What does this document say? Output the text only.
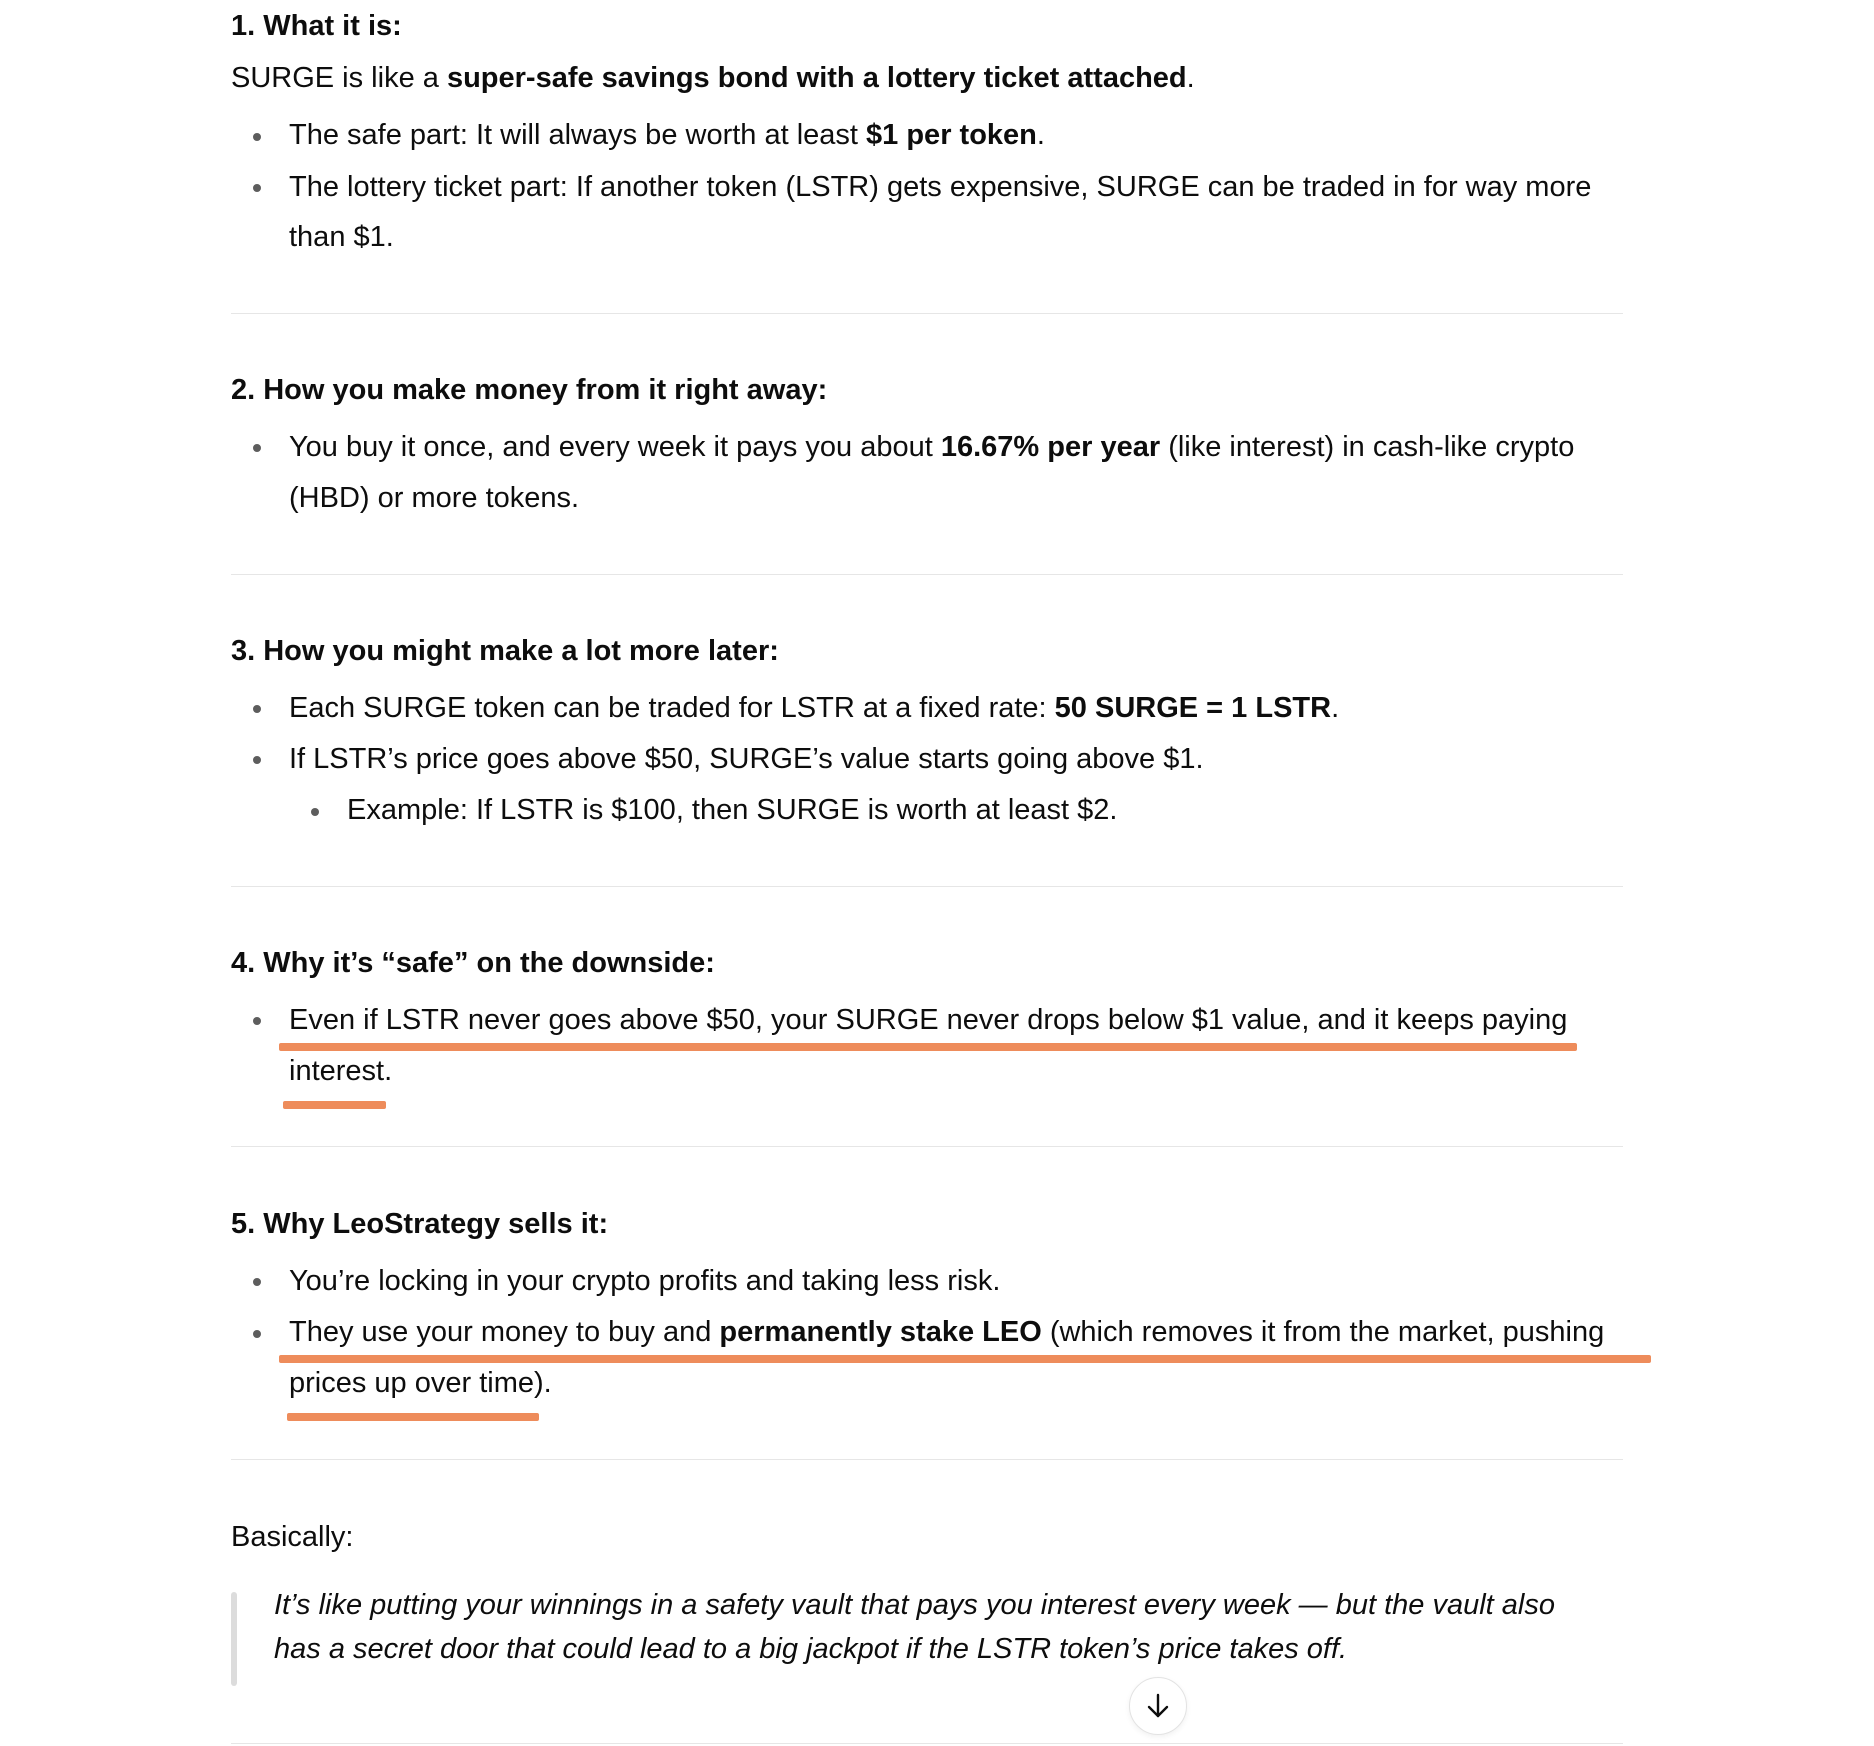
1. What it is:
SURGE is like a super-safe savings bond with a lottery ticket attached.
The safe part: It will always be worth at least $1 per token.
The lottery ticket part: If another token (LSTR) gets expensive, SURGE can be traded in for way more
than $1.
2. How you make money from it right away:
You buy it once, and every week it pays you about 16.67% per year (like interest) in cash-like crypto
(HBD) or more tokens.
3. How you might make a lot more later:
Each SURGE token can be traded for LSTR at a fixed rate: 50 SURGE = 1 LSTR.
If LSTR’s price goes above $50, SURGE’s value starts going above $1.
Example: If LSTR is $100, then SURGE is worth at least $2.
4. Why it’s “safe” on the downside:
Even if LSTR never goes above $50, your SURGE never drops below $1 value, and it keeps paying
interest.
5. Why LeoStrategy sells it:
You’re locking in your crypto profits and taking less risk.
They use your money to buy and permanently stake LEO (which removes it from the market, pushing
prices up over time).
Basically:
It’s like putting your winnings in a safety vault that pays you interest every week — but the vault also
has a secret door that could lead to a big jackpot if the LSTR token’s price takes off.
